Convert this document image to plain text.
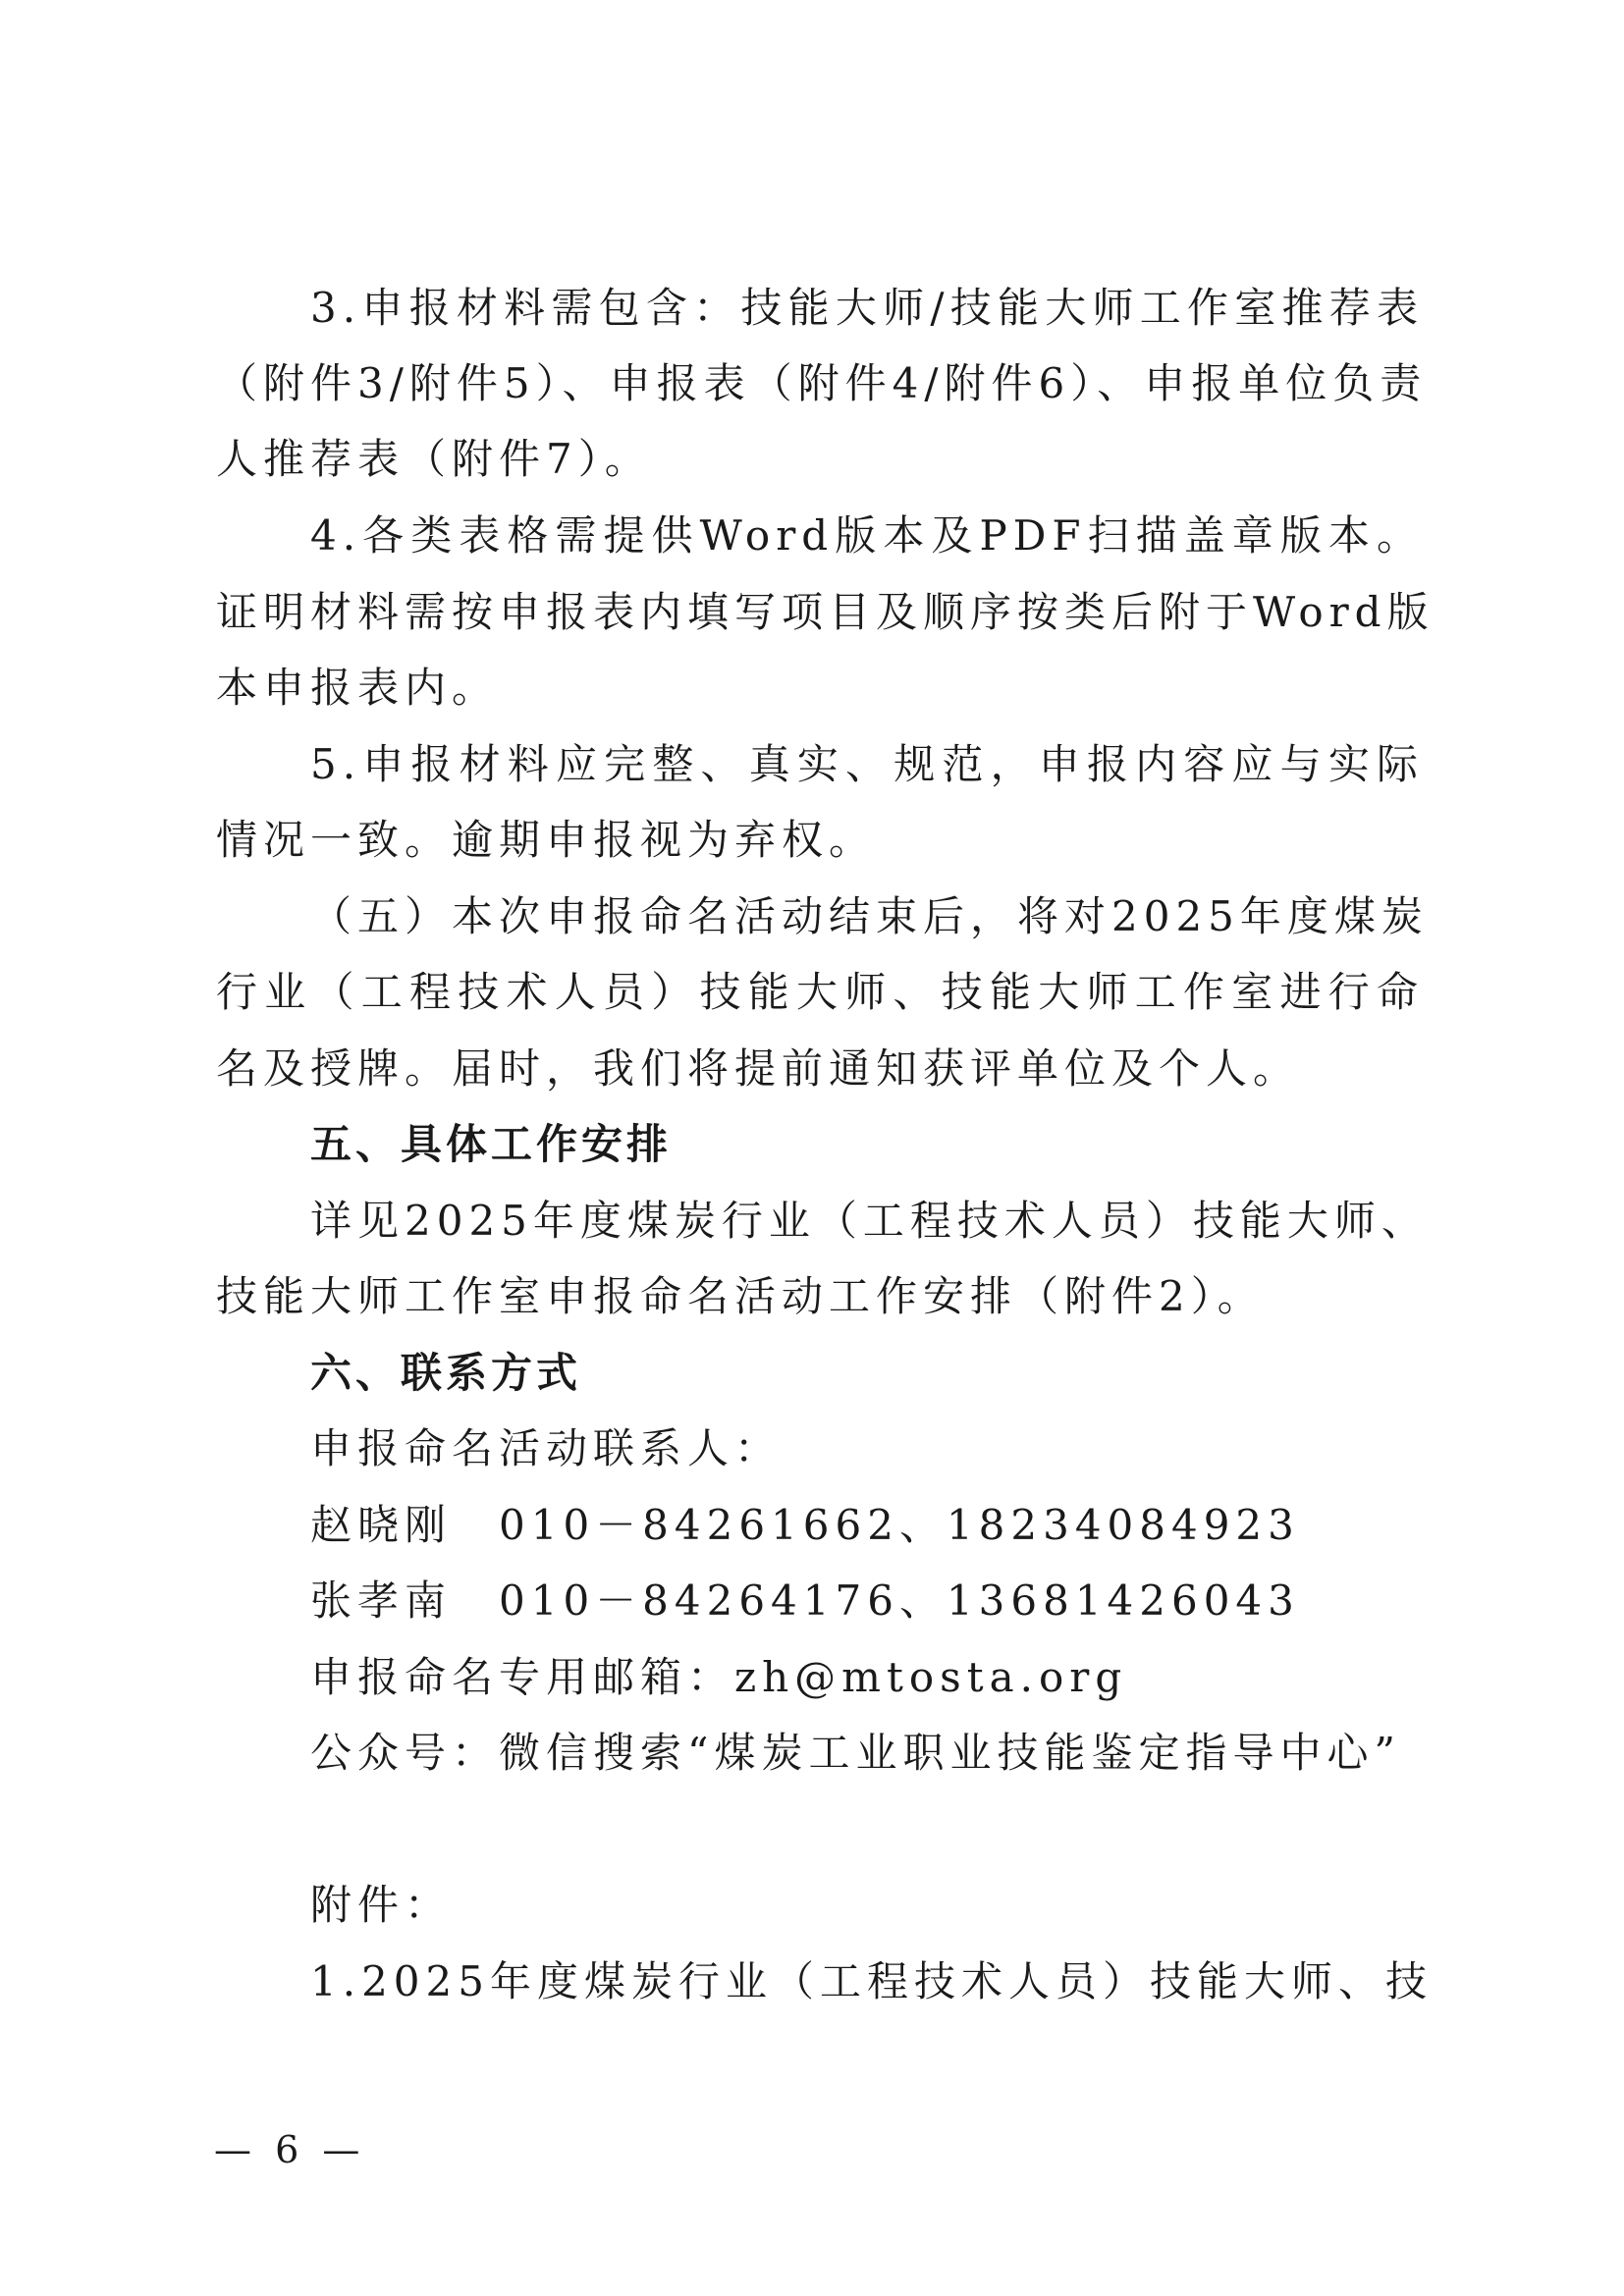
3.申报材料需包含：技能大师/技能大师工作室推荐表
（附件3/附件5）、申报表（附件4/附件6）、申报单位负责
人推荐表（附件7）。
4.各类表格需提供Word版本及PDF扫描盖章版本。
证明材料需按申报表内填写项目及顺序按类后附于Word版
本申报表内。
5.申报材料应完整、真实、规范，申报内容应与实际
情况一致。逾期申报视为弃权。
（五）本次申报命名活动结束后，将对2025年度煤炭
行业（工程技术人员）技能大师、技能大师工作室进行命
名及授牌。届时，我们将提前通知获评单位及个人。
五、具体工作安排
详见2025年度煤炭行业（工程技术人员）技能大师、
技能大师工作室申报命名活动工作安排（附件2）。
六、联系方式
申报命名活动联系人：
赵晓刚　010－84261662、18234084923
张孝南　010－84264176、13681426043
申报命名专用邮箱：zh@mtosta.org
公众号：微信搜索“煤炭工业职业技能鉴定指导中心”
附件：
1.2025年度煤炭行业（工程技术人员）技能大师、技
— 6 —
